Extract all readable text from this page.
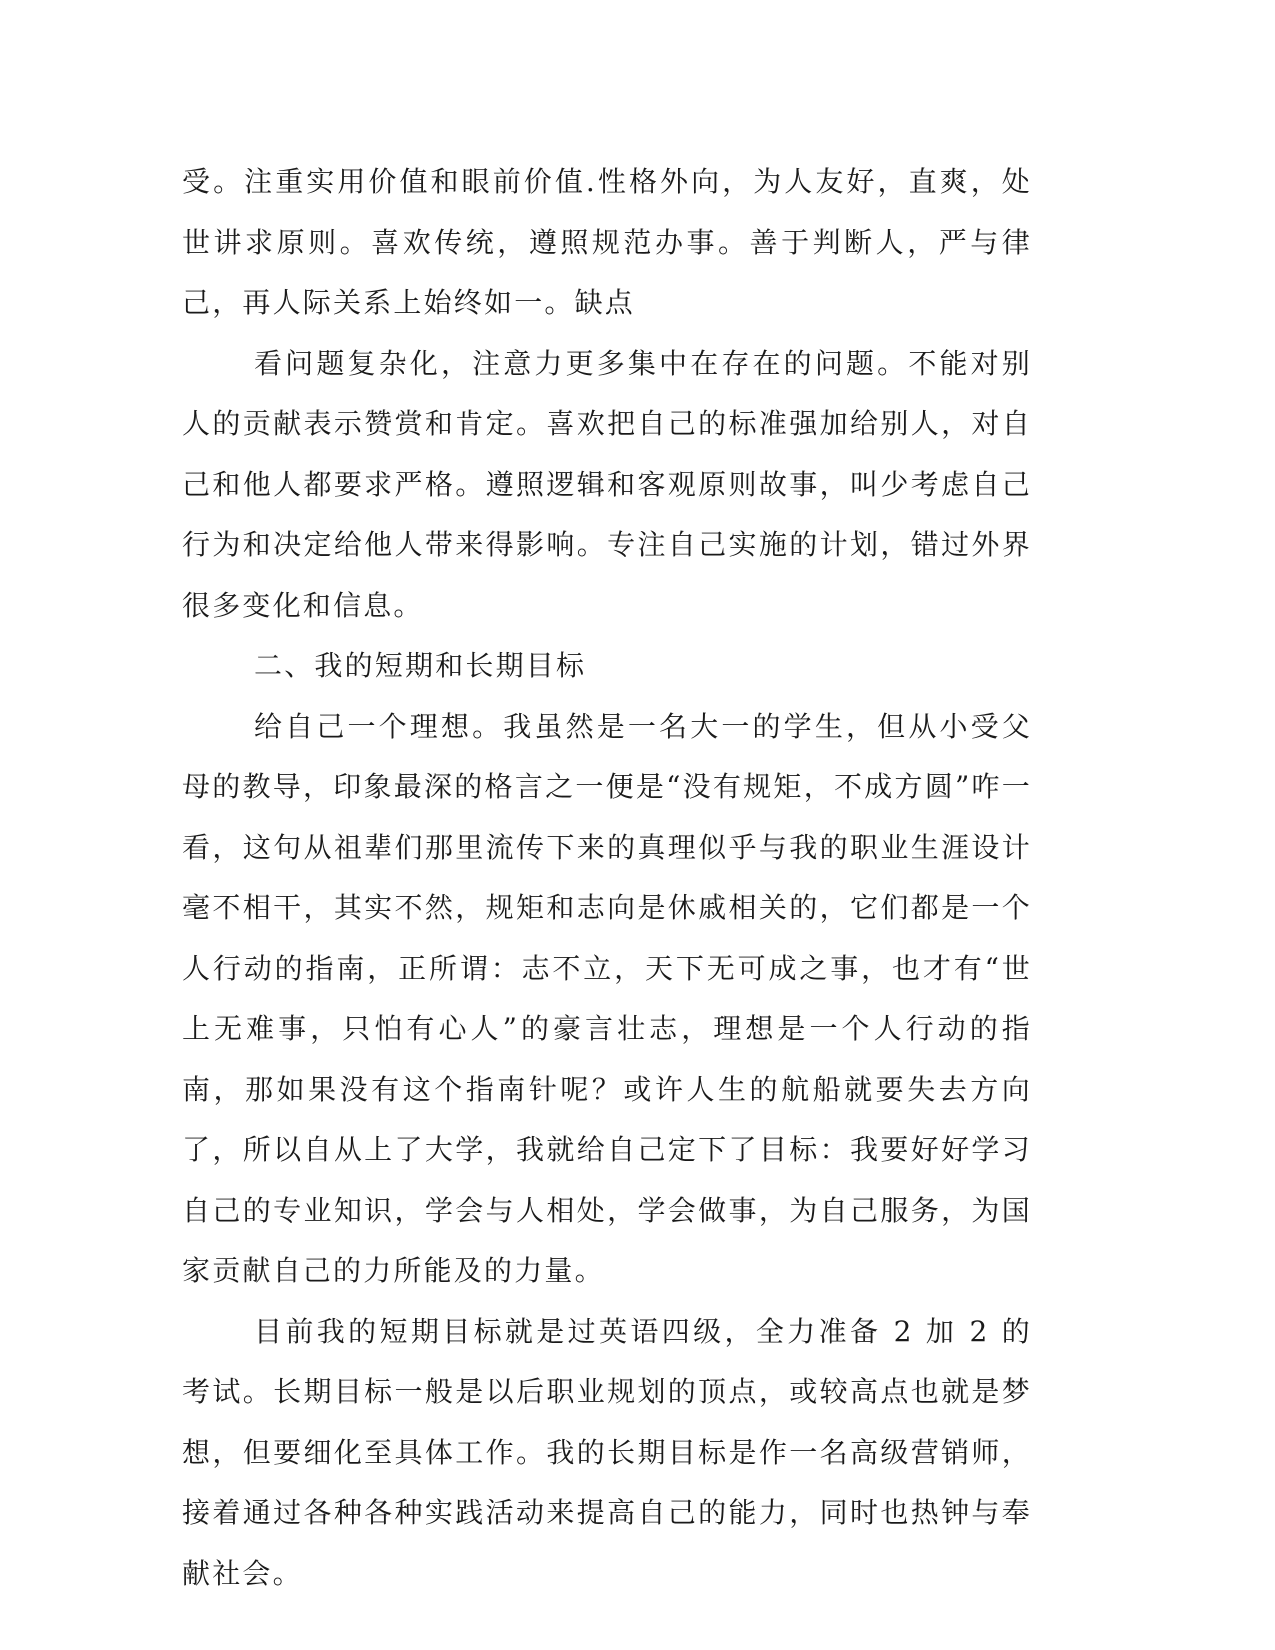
受。注重实用价值和眼前价值.性格外向，为人友好，直爽，处世讲求原则。喜欢传统，遵照规范办事。善于判断人，严与律己，再人际关系上始终如一。缺点

看问题复杂化，注意力更多集中在存在的问题。不能对别人的贡献表示赞赏和肯定。喜欢把自己的标准强加给别人，对自己和他人都要求严格。遵照逻辑和客观原则故事，叫少考虑自己行为和决定给他人带来得影响。专注自己实施的计划，错过外界很多变化和信息。

二、我的短期和长期目标

给自己一个理想。我虽然是一名大一的学生，但从小受父母的教导，印象最深的格言之一便是“没有规矩，不成方圆”咋一看，这句从祖辈们那里流传下来的真理似乎与我的职业生涯设计毫不相干，其实不然，规矩和志向是休戚相关的，它们都是一个人行动的指南，正所谓：志不立，天下无可成之事，也才有“世上无难事，只怕有心人”的豪言壮志，理想是一个人行动的指南，那如果没有这个指南针呢？或许人生的航船就要失去方向了，所以自从上了大学，我就给自己定下了目标：我要好好学习自己的专业知识，学会与人相处，学会做事，为自己服务，为国家贡献自己的力所能及的力量。

目前我的短期目标就是过英语四级，全力准备 2 加 2 的考试。长期目标一般是以后职业规划的顶点，或较高点也就是梦想，但要细化至具体工作。我的长期目标是作一名高级营销师，接着通过各种各种实践活动来提高自己的能力，同时也热钟与奉献社会。
